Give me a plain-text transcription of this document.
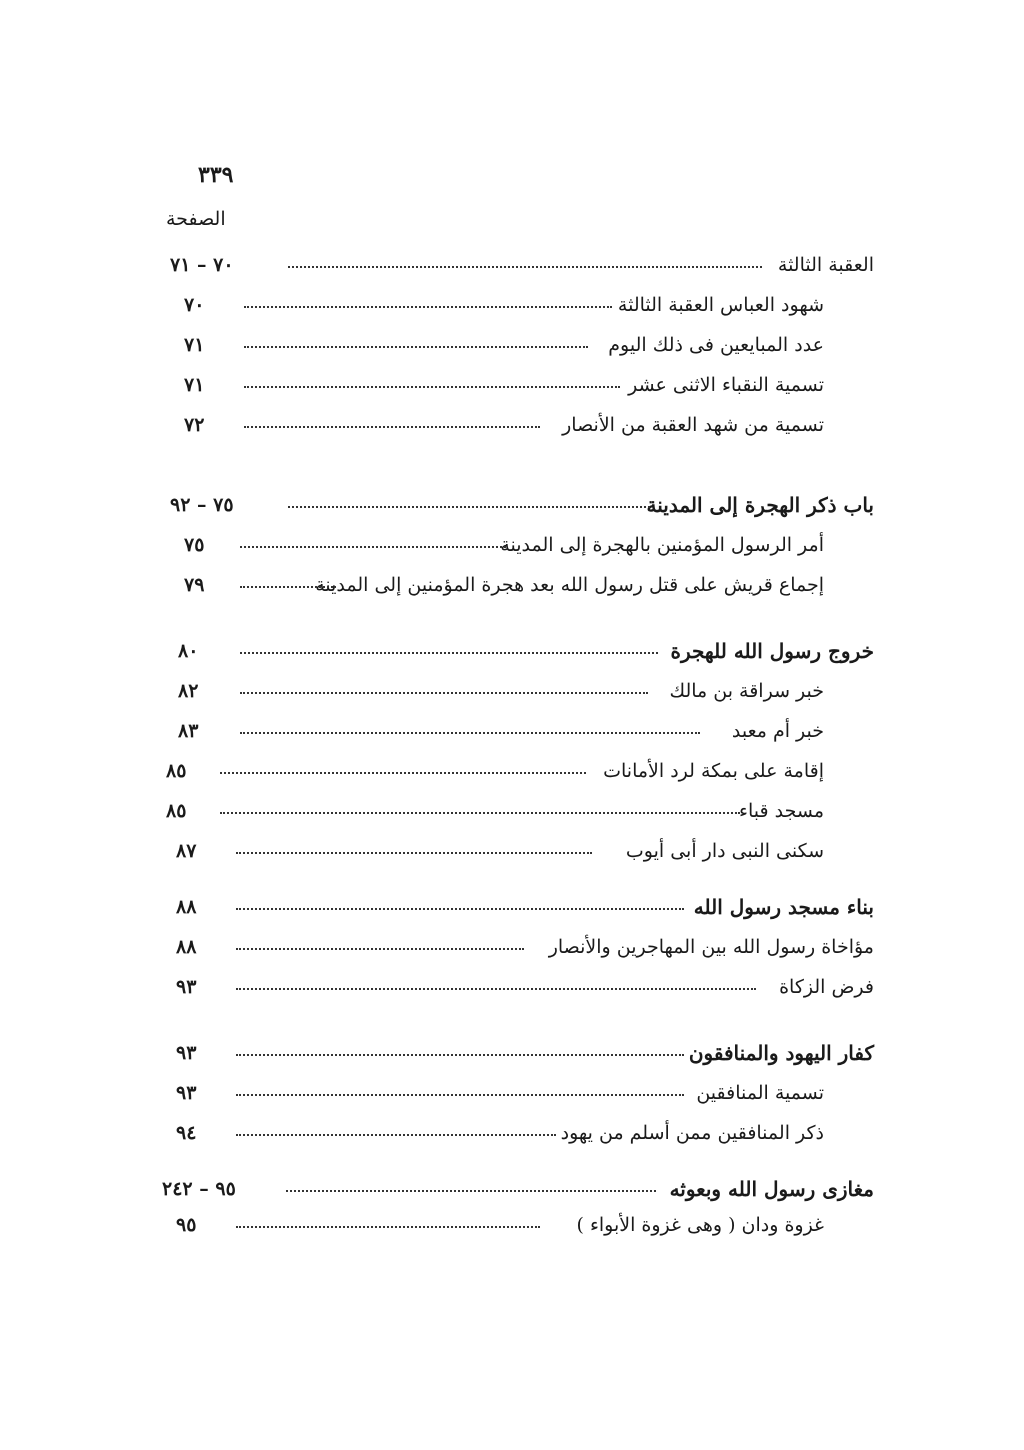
٣٣٩
الصفحة
العقبة الثالثة
٧٠ – ٧١
شهود العباس العقبة الثالثة
٧٠
عدد المبايعين فى ذلك اليوم
٧١
تسمية النقباء الاثنى عشر
٧١
تسمية من شهد العقبة من الأنصار
٧٢
باب ذكر الهجرة إلى المدينة
٧٥ – ٩٢
أمر الرسول المؤمنين بالهجرة إلى المدينة
٧٥
إجماع قريش على قتل رسول الله بعد هجرة المؤمنين إلى المدينة
٧٩
خروج رسول الله للهجرة
٨٠
خبر سراقة بن مالك
٨٢
خبر أم معبد
٨٣
إقامة على بمكة لرد الأمانات
٨٥
مسجد قباء
٨٥
سكنى النبى دار أبى أيوب
٨٧
بناء مسجد رسول الله
٨٨
مؤاخاة رسول الله بين المهاجرين والأنصار
٨٨
فرض الزكاة
٩٣
كفار اليهود والمنافقون
٩٣
تسمية المنافقين
٩٣
ذكر المنافقين ممن أسلم من يهود
٩٤
مغازى رسول الله وبعوثه
٩٥ – ٢٤٢
غزوة ودان ( وهى غزوة الأبواء )
٩٥
